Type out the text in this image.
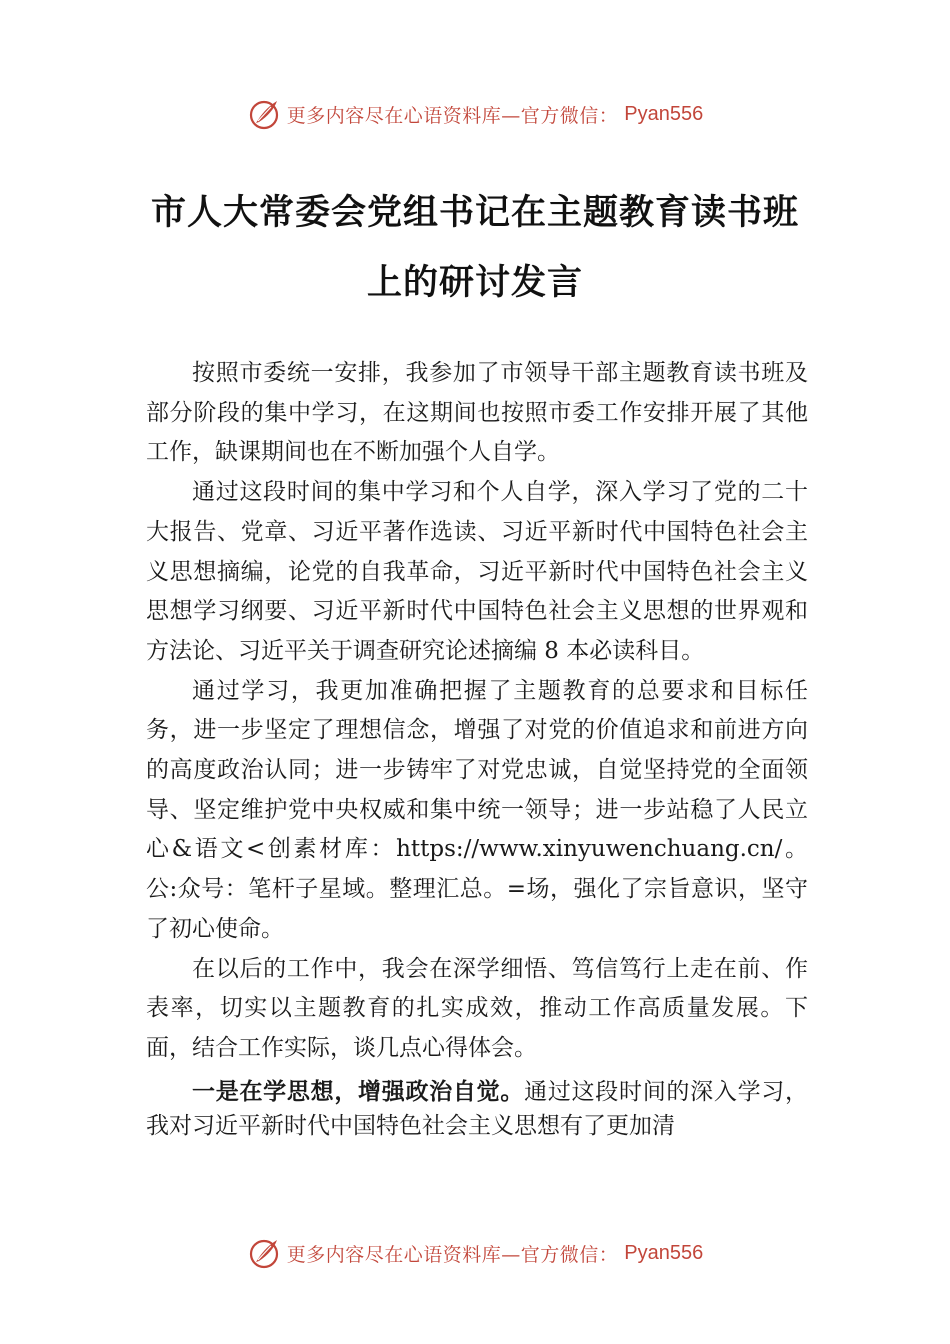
更多内容尽在心语资料库—官方微信： Pyan556
市人大常委会党组书记在主题教育读书班
上的研讨发言

按照市委统一安排，我参加了市领导干部主题教育读书班及部分阶段的集中学习，在这期间也按照市委工作安排开展了其他工作，缺课期间也在不断加强个人自学。

通过这段时间的集中学习和个人自学，深入学习了党的二十大报告、党章、习近平著作选读、习近平新时代中国特色社会主义思想摘编，论党的自我革命，习近平新时代中国特色社会主义思想学习纲要、习近平新时代中国特色社会主义思想的世界观和方法论、习近平关于调查研究论述摘编 8 本必读科目。

通过学习，我更加准确把握了主题教育的总要求和目标任务，进一步坚定了理想信念，增强了对党的价值追求和前进方向的高度政治认同；进一步铸牢了对党忠诚，自觉坚持党的全面领导、坚定维护党中央权威和集中统一领导；进一步站稳了人民立心&语文<创素材库：https://www.xinyuwenchuang.cn/。公:众号：笔杆子星域。整理汇总。=场，强化了宗旨意识，坚守了初心使命。

在以后的工作中，我会在深学细悟、笃信笃行上走在前、作表率，切实以主题教育的扎实成效，推动工作高质量发展。下面，结合工作实际，谈几点心得体会。

一是在学思想，增强政治自觉。通过这段时间的深入学习，我对习近平新时代中国特色社会主义思想有了更加清

更多内容尽在心语资料库—官方微信： Pyan556
